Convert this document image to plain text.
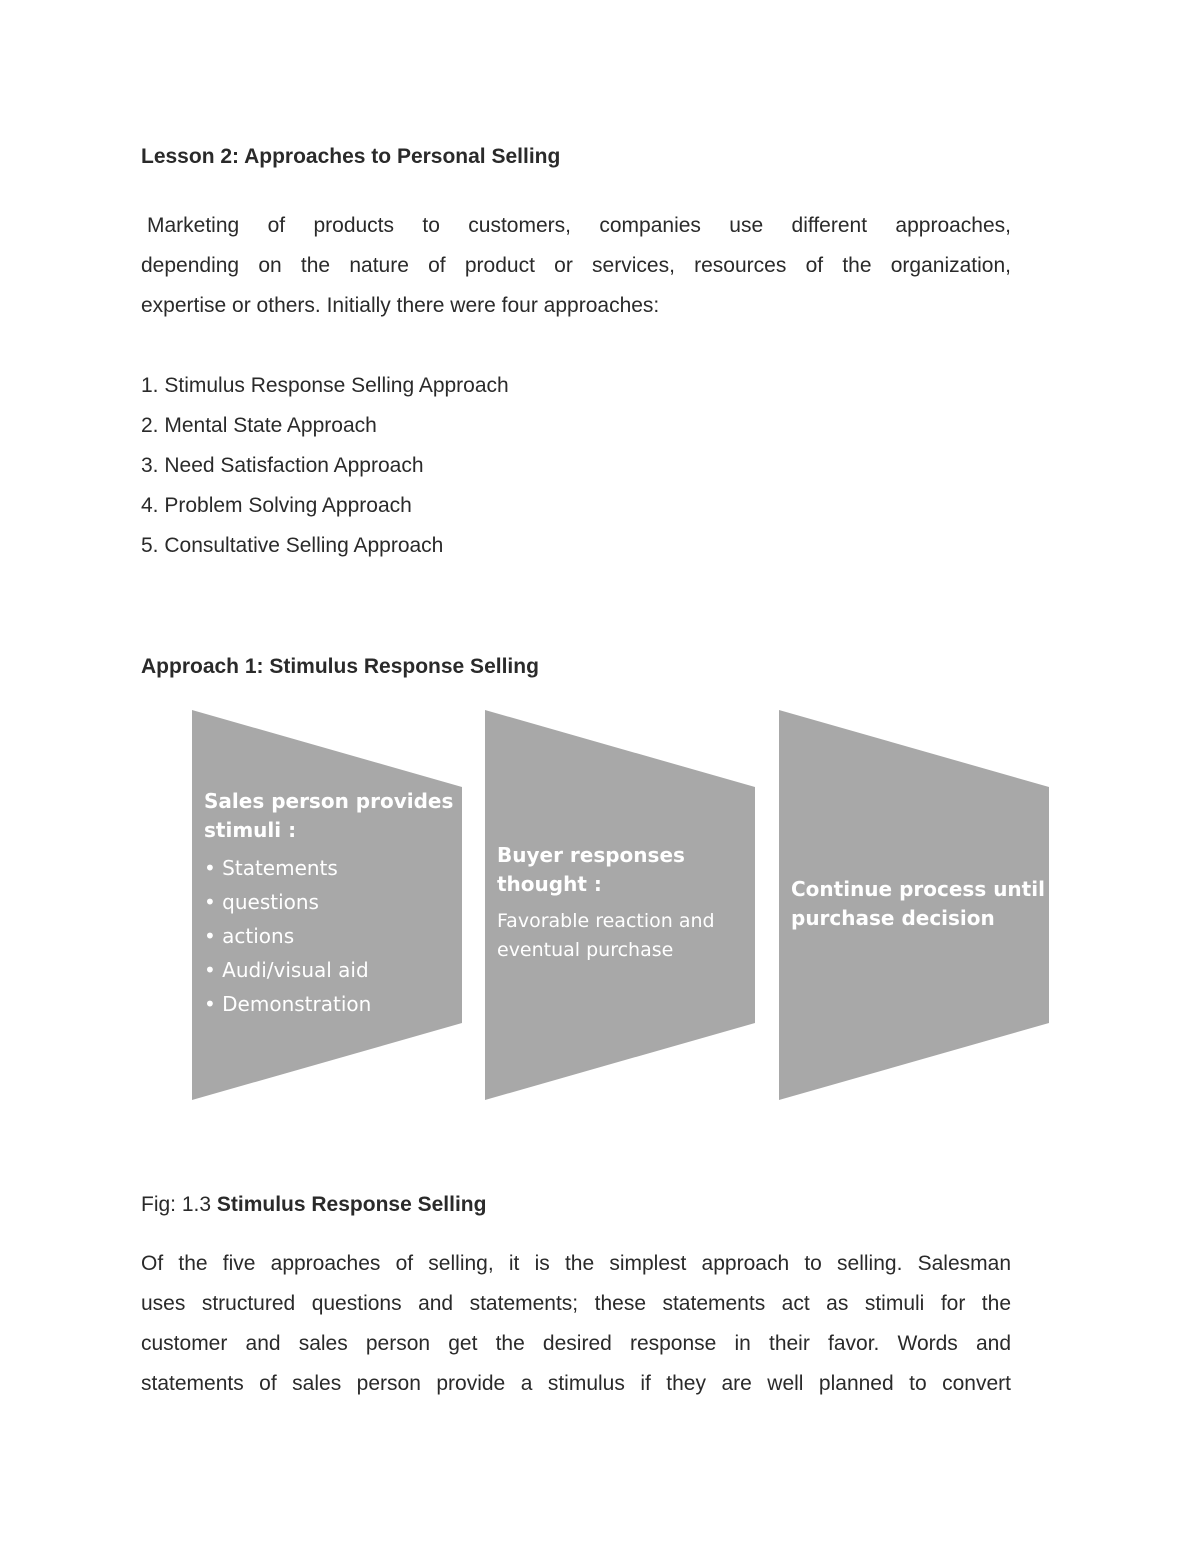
Lesson 2: Approaches to Personal Selling

Marketing of products to customers, companies use different approaches,

depending on the nature of product or services, resources of the organization,

expertise or others. Initially there were four approaches:

1. Stimulus Response Selling Approach
2. Mental State Approach
3. Need Satisfaction Approach
4. Problem Solving Approach
5. Consultative Selling Approach
Approach 1: Stimulus Response Selling
Sales person provides
stimuli :
• Statements
• questions
• actions
• Audi/visual aid
• Demonstration
Buyer responses
thought :
Favorable reaction and
eventual purchase
Continue process until
purchase decision

Fig: 1.3 Stimulus Response Selling

Of the five approaches of selling, it is the simplest approach to selling. Salesman

uses structured questions and statements; these statements act as stimuli for the

customer and sales person get the desired response in their favor. Words and

statements of sales person provide a stimulus if they are well planned to convert
